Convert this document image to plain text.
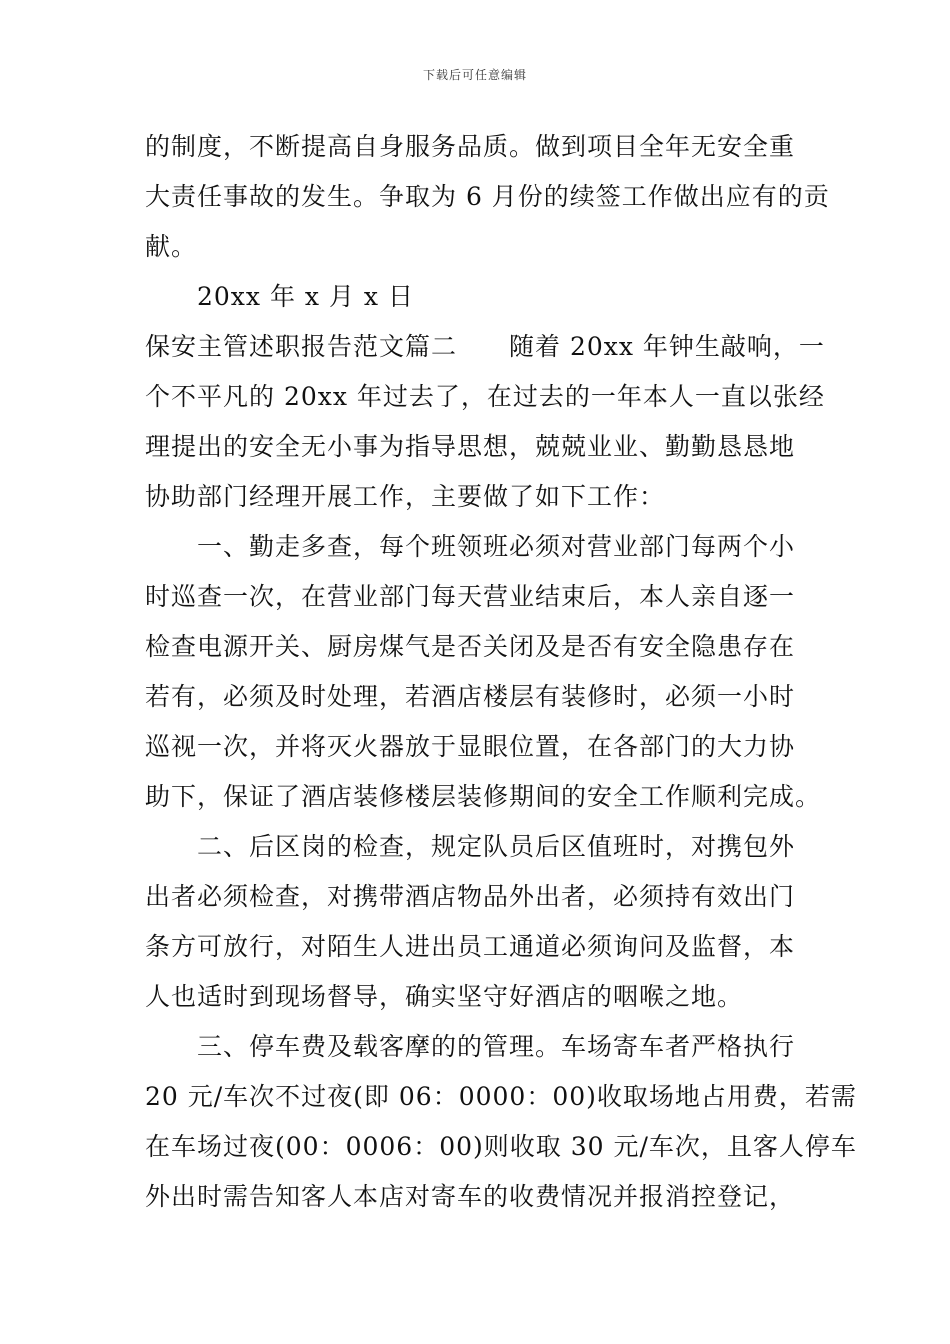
下载后可任意编辑
的制度，不断提高自身服务品质。做到项目全年无安全重
大责任事故的发生。争取为 6 月份的续签工作做出应有的贡
献。
　　20xx 年 x 月 x 日
保安主管述职报告范文篇二 随着 20xx 年钟生敲响，一
个不平凡的 20xx 年过去了，在过去的一年本人一直以张经
理提出的安全无小事为指导思想，兢兢业业、勤勤恳恳地
协助部门经理开展工作，主要做了如下工作：
　　一、勤走多查，每个班领班必须对营业部门每两个小
时巡查一次，在营业部门每天营业结束后，本人亲自逐一
检查电源开关、厨房煤气是否关闭及是否有安全隐患存在
若有，必须及时处理，若酒店楼层有装修时，必须一小时
巡视一次，并将灭火器放于显眼位置，在各部门的大力协
助下，保证了酒店装修楼层装修期间的安全工作顺利完成。
　　二、后区岗的检查，规定队员后区值班时，对携包外
出者必须检查，对携带酒店物品外出者，必须持有效出门
条方可放行，对陌生人进出员工通道必须询问及监督，本
人也适时到现场督导，确实坚守好酒店的咽喉之地。
　　三、停车费及载客摩的的管理。车场寄车者严格执行
20 元/车次不过夜(即 06：0000：00)收取场地占用费，若需
在车场过夜(00：0006：00)则收取 30 元/车次，且客人停车
外出时需告知客人本店对寄车的收费情况并报消控登记，
